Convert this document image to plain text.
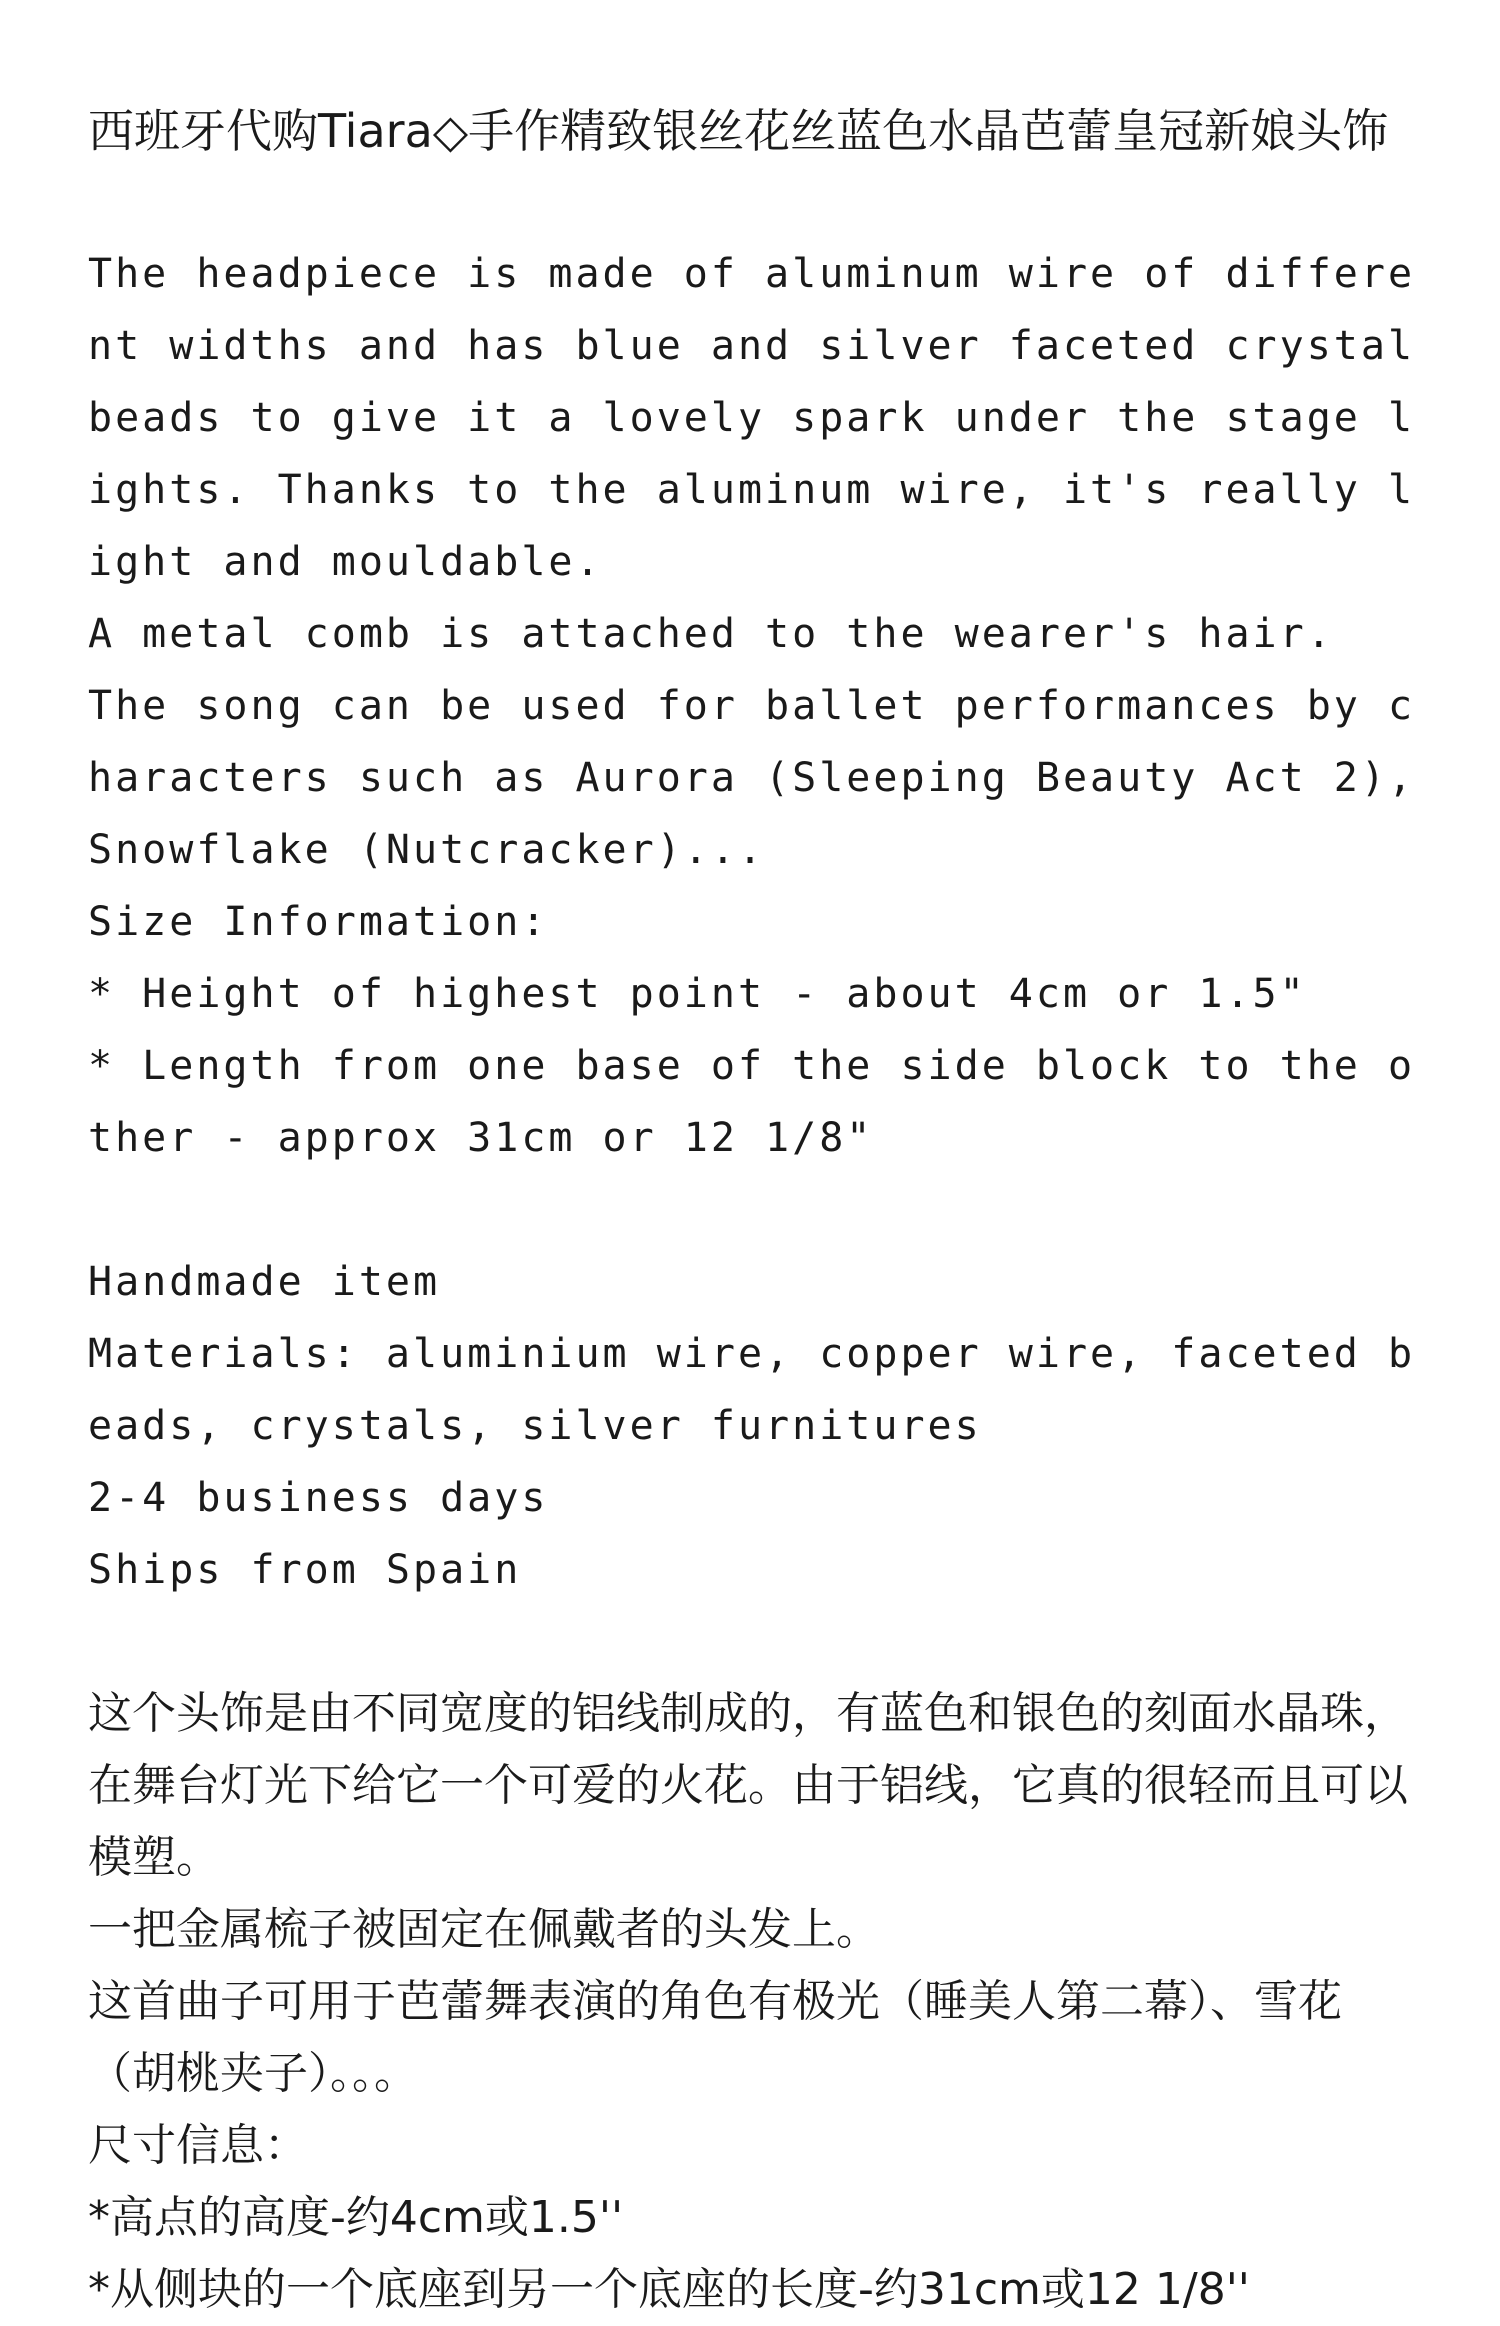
西班牙代购Tiara◇手作精致银丝花丝蓝色水晶芭蕾皇冠新娘头饰

The headpiece is made of aluminum wire of different widths and has blue and silver faceted crystal beads to give it a lovely spark under the stage lights. Thanks to the aluminum wire, it's really light and mouldable.

A metal comb is attached to the wearer's hair.

The song can be used for ballet performances by characters such as Aurora (Sleeping Beauty Act 2), Snowflake (Nutcracker)...

Size Information:

* Height of highest point - about 4cm or 1.5"

* Length from one base of the side block to the other - approx 31cm or 12 1/8"

Handmade item

Materials: aluminium wire, copper wire, faceted beads, crystals, silver furnitures

2-4 business days

Ships from Spain

这个头饰是由不同宽度的铝线制成的，有蓝色和银色的刻面水晶珠，在舞台灯光下给它一个可爱的火花。由于铝线，它真的很轻而且可以模塑。

一把金属梳子被固定在佩戴者的头发上。

这首曲子可用于芭蕾舞表演的角色有极光（睡美人第二幕）、雪花（胡桃夹子）。。。

尺寸信息：

*高点的高度-约4cm或1.5''

*从侧块的一个底座到另一个底座的长度-约31cm或12 1/8''
